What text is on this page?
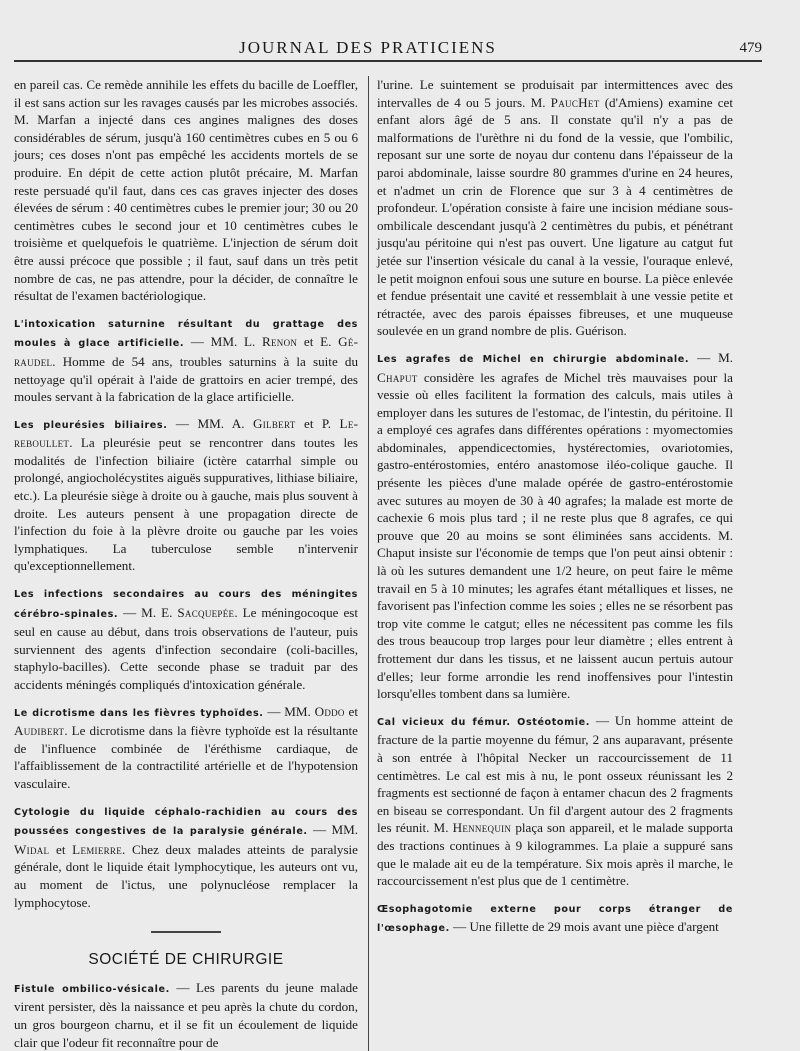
JOURNAL DES PRATICIENS	479

en pareil cas. Ce remède annihile les effets du bacille de Loeffler, il est sans action sur les ravages causés par les microbes associés. M. Marfan a injecté dans ces angines malignes des doses considérables de sérum, jusqu'à 160 centimètres cubes en 5 ou 6 jours; ces doses n'ont pas empêché les accidents mortels de se produire. En dépit de cette action plutôt précaire, M. Marfan reste persuadé qu'il faut, dans ces cas graves injecter des doses élevées de sérum : 40 centimètres cubes le premier jour; 30 ou 20 centimètres cubes le second jour et 10 centimètres cubes le troisième et quelquefois le quatrième. L'injection de sérum doit être aussi précoce que possible ; il faut, sauf dans un très petit nombre de cas, ne pas attendre, pour la décider, de connaître le résultat de l'examen bactériologique.

L'intoxication saturnine résultant du grattage des moules à glace artificielle. — MM. L. Renon et E. Géraudel. Homme de 54 ans, troubles saturnins à la suite du nettoyage qu'il opérait à l'aide de grattoirs en acier trempé, des moules servant à la fabrication de la glace artificielle.

Les pleurésies biliaires. — MM. A. Gilbert et P. Lereboullet. La pleurésie peut se rencontrer dans toutes les modalités de l'infection biliaire (ictère catarrhal simple ou prolongé, angiocholécystites aiguës suppuratives, lithiase biliaire, etc.). La pleurésie siège à droite ou à gauche, mais plus souvent à droite. Les auteurs pensent à une propagation directe de l'infection du foie à la plèvre droite ou gauche par les voies lymphatiques. La tuberculose semble n'intervenir qu'exceptionnellement.

Les infections secondaires au cours des méningites cérébro-spinales. — M. E. Sacquepée. Le méningocoque est seul en cause au début, dans trois observations de l'auteur, puis surviennent des agents d'infection secondaire (coli-bacilles, staphylo-bacilles). Cette seconde phase se traduit par des accidents méningés compliqués d'intoxication générale.

Le dicrotisme dans les fièvres typhoïdes. — MM. Oddo et Audibert. Le dicrotisme dans la fièvre typhoïde est la résultante de l'influence combinée de l'éréthisme cardiaque, de l'affaiblissement de la contractilité artérielle et de l'hypotension vasculaire.

Cytologie du liquide céphalo-rachidien au cours des poussées congestives de la paralysie générale. — MM. Widal et Lemierre. Chez deux malades atteints de paralysie générale, dont le liquide était lymphocytique, les auteurs ont vu, au moment de l'ictus, une polynucléose remplacer la lymphocytose.

SOCIÉTÉ DE CHIRURGIE

Fistule ombilico-vésicale. — Les parents du jeune malade virent persister, dès la naissance et peu après la chute du cordon, un gros bourgeon charnu, et il se fit un écoulement de liquide clair que l'odeur fit reconnaître pour de

l'urine. Le suintement se produisait par intermittences avec des intervalles de 4 ou 5 jours. M. PaucHet (d'Amiens) examine cet enfant alors âgé de 5 ans. Il constate qu'il n'y a pas de malformations de l'urèthre ni du fond de la vessie, que l'ombilic, reposant sur une sorte de noyau dur contenu dans l'épaisseur de la paroi abdominale, laisse sourdre 80 grammes d'urine en 24 heures, et n'admet un crin de Florence que sur 3 à 4 centimètres de profondeur. L'opération consiste à faire une incision médiane sous-ombilicale descendant jusqu'à 2 centimètres du pubis, et pénétrant jusqu'au péritoine qui n'est pas ouvert. Une ligature au catgut fut jetée sur l'insertion vésicale du canal à la vessie, l'ouraque enlevé, le petit moignon enfoui sous une suture en bourse. La pièce enlevée et fendue présentait une cavité et ressemblait à une vessie petite et rétractée, avec des parois épaisses fibreuses, et une muqueuse soulevée en un grand nombre de plis. Guérison.

Les agrafes de Michel en chirurgie abdominale. — M. Chaput considère les agrafes de Michel très mauvaises pour la vessie où elles facilitent la formation des calculs, mais utiles à employer dans les sutures de l'estomac, de l'intestin, du péritoine. Il a employé ces agrafes dans différentes opérations : myomectomies abdominales, appendicectomies, hystérectomies, ovariotomies, gastro-entérostomies, entéro anastomose iléo-colique gauche. Il présente les pièces d'une malade opérée de gastro-entérostomie avec sutures au moyen de 30 à 40 agrafes; la malade est morte de cachexie 6 mois plus tard ; il ne reste plus que 8 agrafes, ce qui prouve que 20 au moins se sont éliminées sans accidents. M. Chaput insiste sur l'économie de temps que l'on peut ainsi obtenir : là où les sutures demandent une 1/2 heure, on peut faire le même travail en 5 à 10 minutes; les agrafes étant métalliques et lisses, ne favorisent pas l'infection comme les soies ; elles ne se résorbent pas trop vite comme le catgut; elles ne nécessitent pas comme les fils des trous beaucoup trop larges pour leur diamètre ; elles entrent à frottement dur dans les tissus, et ne laissent aucun pertuis autour d'elles; leur forme arrondie les rend inoffensives pour l'intestin lorsqu'elles tombent dans sa lumière.

Cal vicieux du fémur. Ostéotomie. — Un homme atteint de fracture de la partie moyenne du fémur, 2 ans auparavant, présente à son entrée à l'hôpital Necker un raccourcissement de 11 centimètres. Le cal est mis à nu, le pont osseux réunissant les 2 fragments est sectionné de façon à entamer chacun des 2 fragments en biseau se correspondant. Un fil d'argent autour des 2 fragments les réunit. M. Hennequin plaça son appareil, et le malade supporta des tractions continues à 9 kilogrammes. La plaie a suppuré sans que le malade ait eu de la température. Six mois après il marche, le raccourcissement n'est plus que de 1 centimètre.

Œsophagotomie externe pour corps étranger de l'œsophage. — Une fillette de 29 mois avant une pièce d'argent
